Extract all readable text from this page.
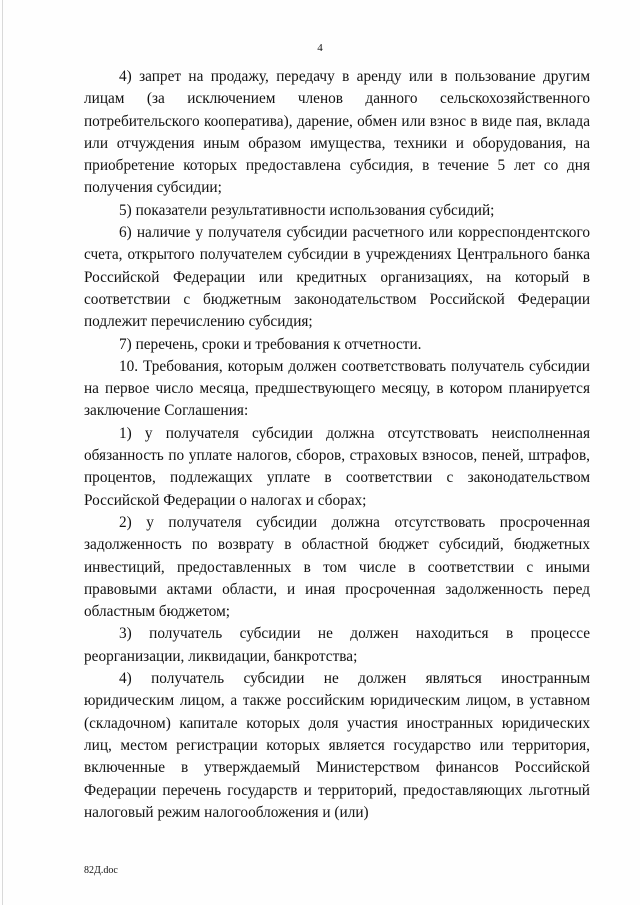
4

4) запрет на продажу, передачу в аренду или в пользование другим лицам (за исключением членов данного сельскохозяйственного потребительского кооператива), дарение, обмен или взнос в виде пая, вклада или отчуждения иным образом имущества, техники и оборудования, на приобретение которых предоставлена субсидия, в течение 5 лет со дня получения субсидии;

5) показатели результативности использования субсидий;

6) наличие у получателя субсидии расчетного или корреспондентского счета, открытого получателем субсидии в учреждениях Центрального банка Российской Федерации или кредитных организациях, на который в соответствии с бюджетным законодательством Российской Федерации подлежит перечислению субсидия;

7) перечень, сроки и требования к отчетности.

10. Требования, которым должен соответствовать получатель субсидии на первое число месяца, предшествующего месяцу, в котором планируется заключение Соглашения:

1) у получателя субсидии должна отсутствовать неисполненная обязанность по уплате налогов, сборов, страховых взносов, пеней, штрафов, процентов, подлежащих уплате в соответствии с законодательством Российской Федерации о налогах и сборах;

2) у получателя субсидии должна отсутствовать просроченная задолженность по возврату в областной бюджет субсидий, бюджетных инвестиций, предоставленных в том числе в соответствии с иными правовыми актами области, и иная просроченная задолженность перед областным бюджетом;

3) получатель субсидии не должен находиться в процессе реорганизации, ликвидации, банкротства;

4) получатель субсидии не должен являться иностранным юридическим лицом, а также российским юридическим лицом, в уставном (складочном) капитале которых доля участия иностранных юридических лиц, местом регистрации которых является государство или территория, включенные в утверждаемый Министерством финансов Российской Федерации перечень государств и территорий, предоставляющих льготный налоговый режим налогообложения и (или)

82Д.doc
